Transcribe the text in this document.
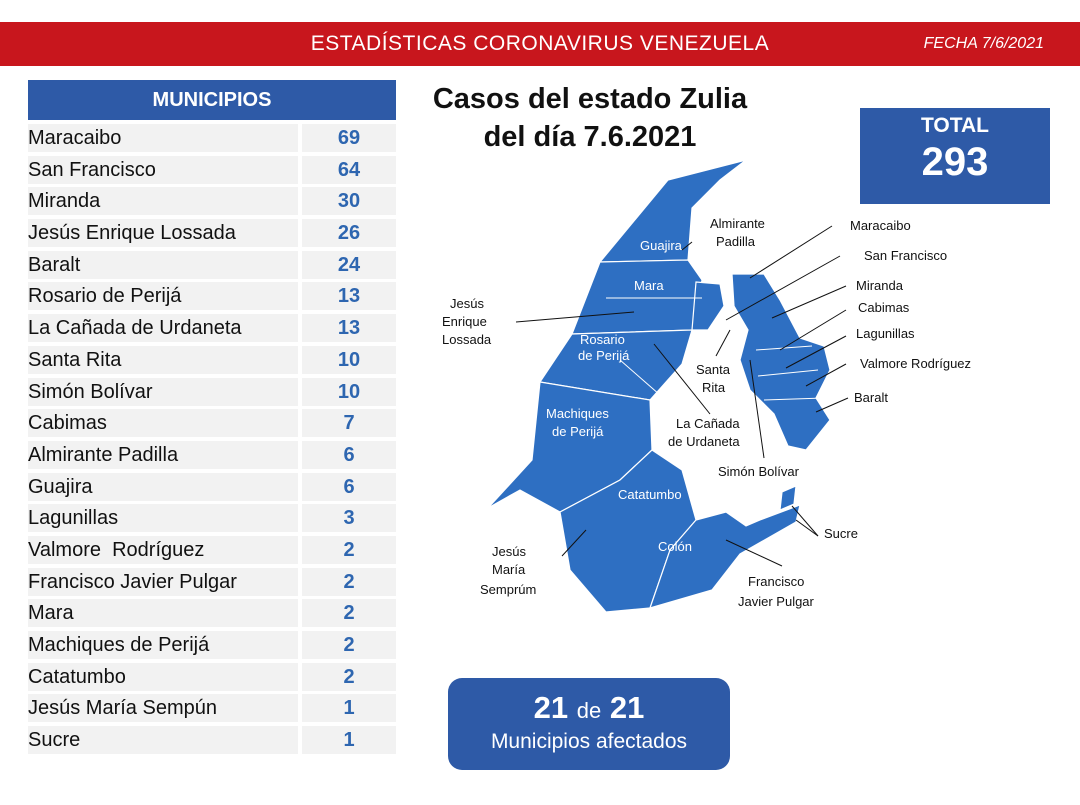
ESTADÍSTICAS CORONAVIRUS VENEZUELA	FECHA 7/6/2021
MUNICIPIOS
Maracaibo	69
San Francisco	64
Miranda	30
Jesús Enrique Lossada	26
Baralt	24
Rosario de Perijá	13
La Cañada de Urdaneta	13
Santa Rita	10
Simón Bolívar	10
Cabimas	7
Almirante Padilla	6
Guajira	6
Lagunillas	3
Valmore  Rodríguez	2
Francisco Javier Pulgar	2
Mara	2
Machiques de Perijá	2
Catatumbo	2
Jesús María Sempún	1
Sucre	1
Casos del estado Zulia
del día 7.6.2021	TOTAL
293
Guajira
Mara
Rosario
de Perijá
Machiques
de Perijá
Catatumbo
Colón
Almirante
Padilla
Maracaibo
San Francisco
Miranda
Cabimas
Lagunillas
Valmore Rodríguez
Baralt
Jesús
Enrique
Lossada
Santa
Rita
La Cañada
de Urdaneta
Simón Bolívar
Sucre
Jesús
María
Semprúm
Francisco
Javier Pulgar
21 de 21
Municipios afectados
